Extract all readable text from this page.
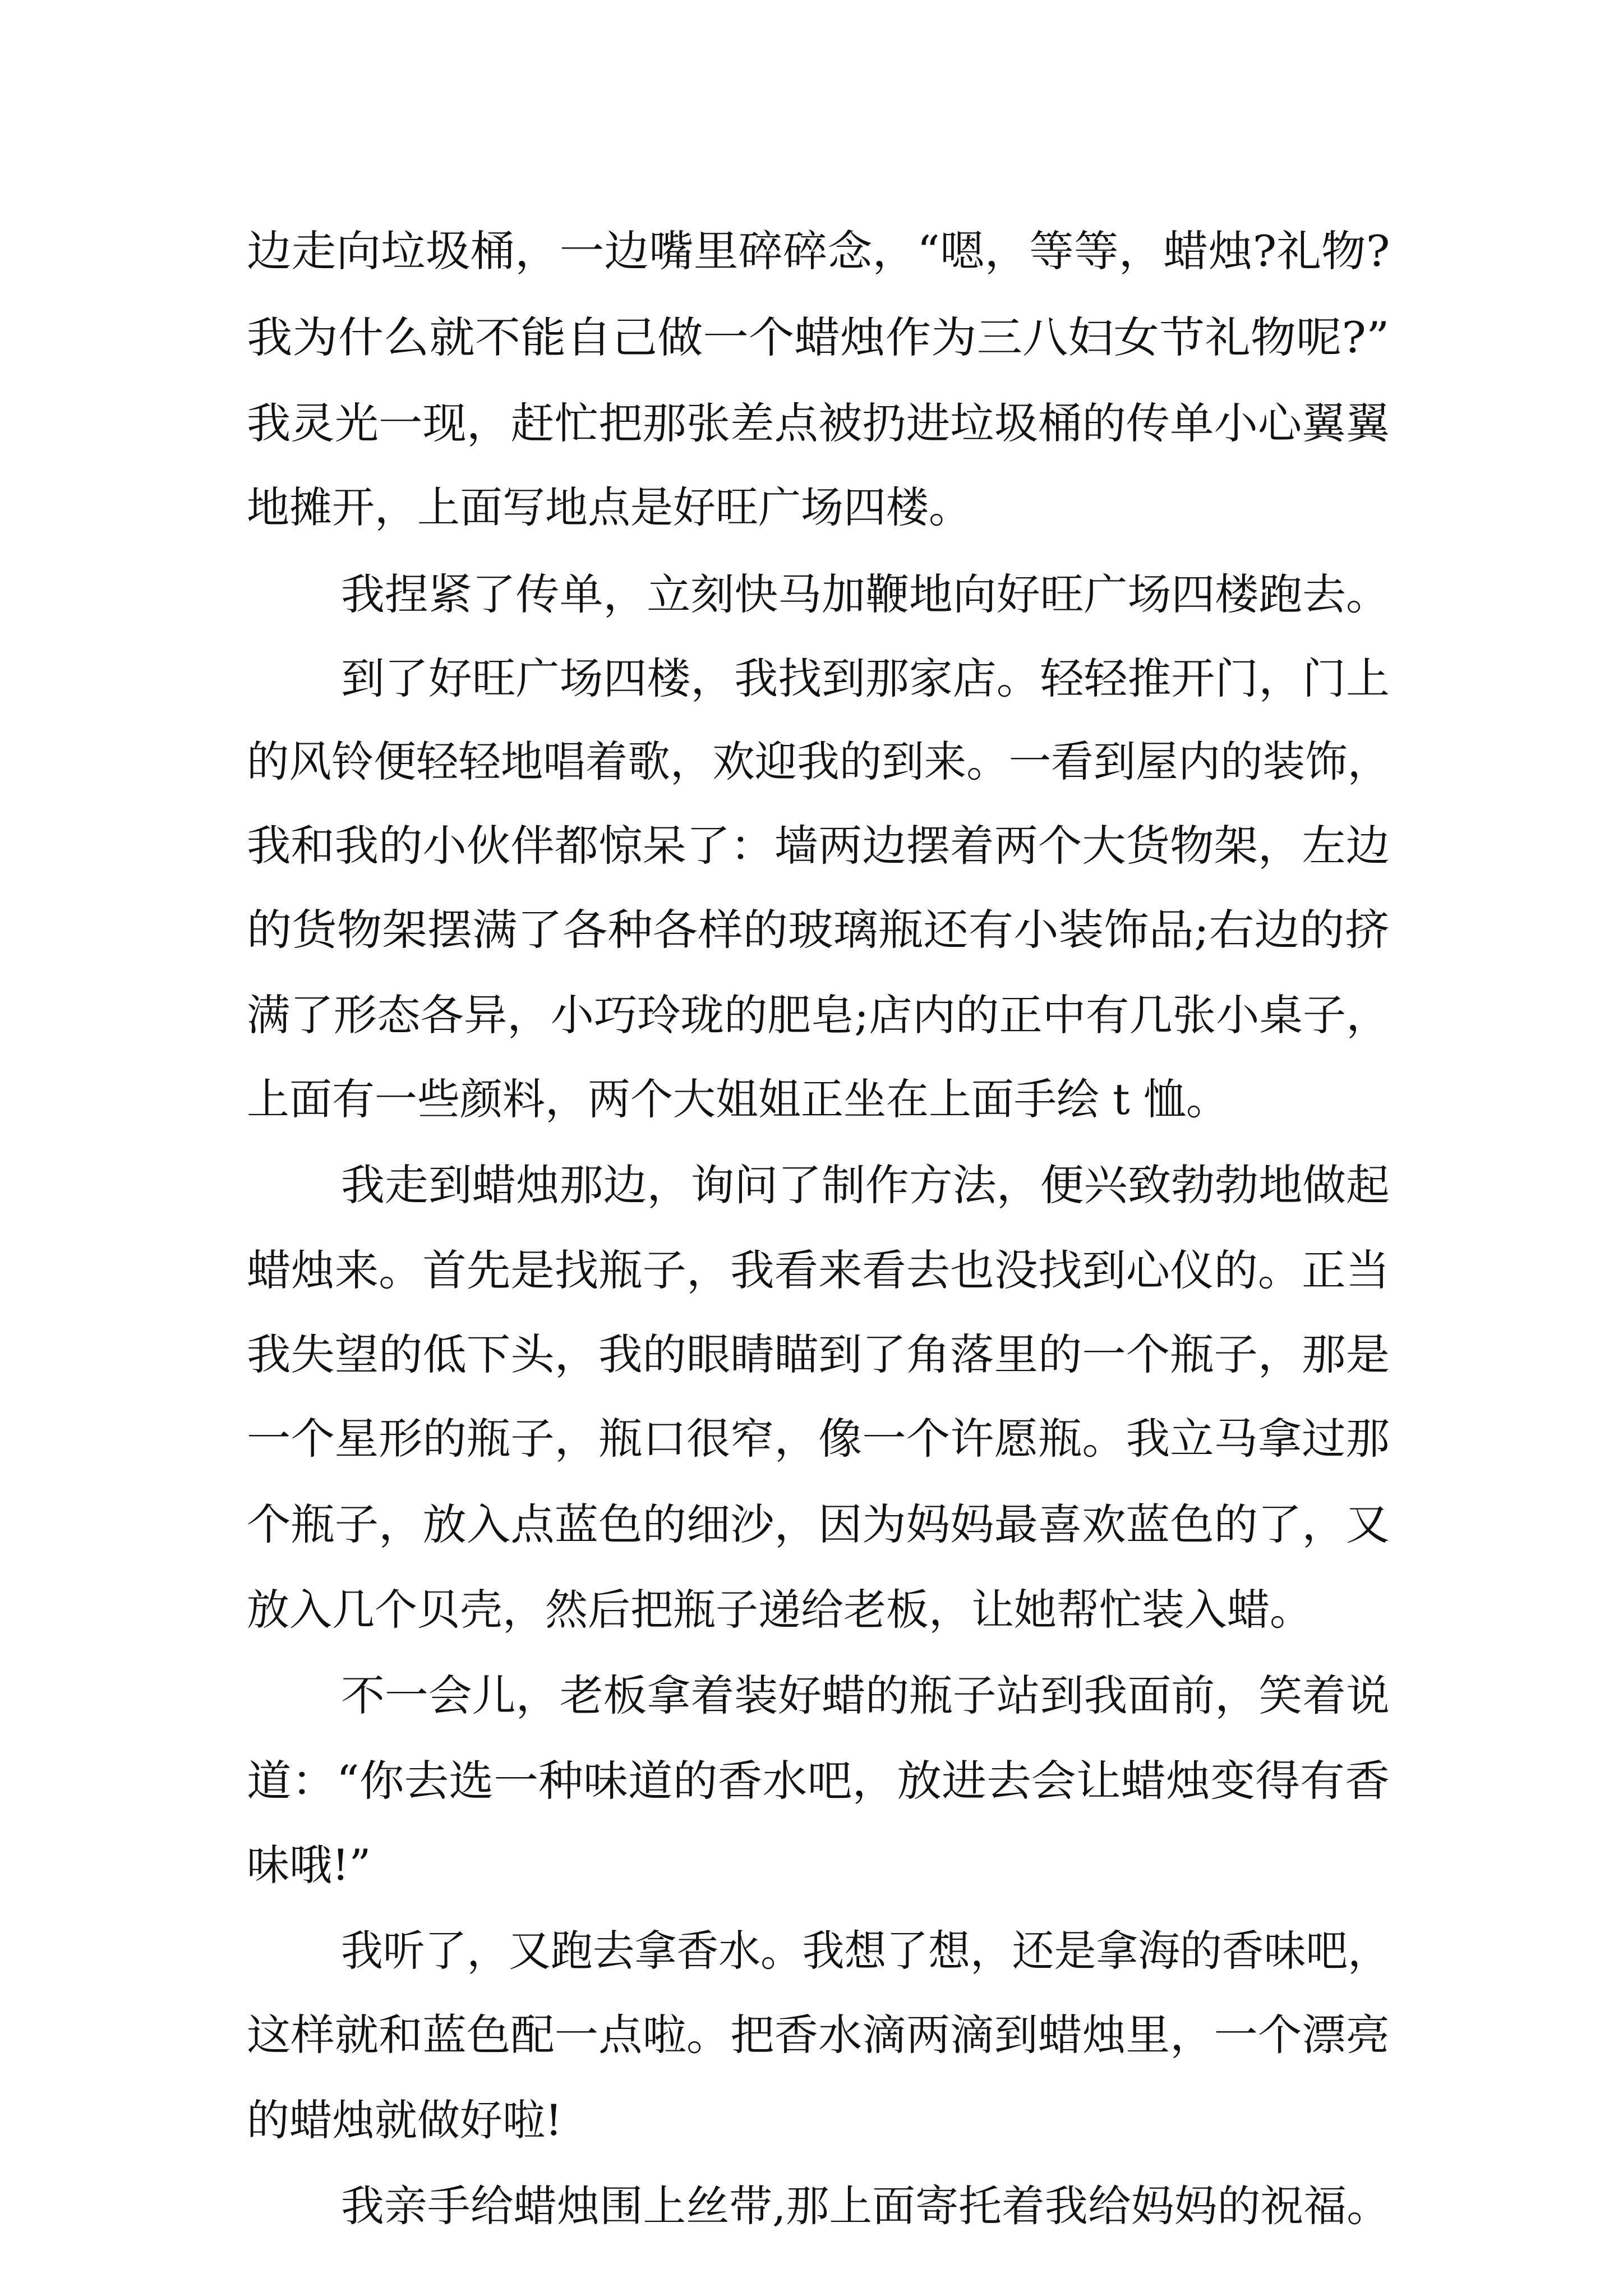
边走向垃圾桶，一边嘴里碎碎念，“嗯，等等，蜡烛?礼物?
我为什么就不能自己做一个蜡烛作为三八妇女节礼物呢?”
我灵光一现，赶忙把那张差点被扔进垃圾桶的传单小心翼翼
地摊开，上面写地点是好旺广场四楼。
我捏紧了传单，立刻快马加鞭地向好旺广场四楼跑去。
到了好旺广场四楼，我找到那家店。轻轻推开门，门上
的风铃便轻轻地唱着歌，欢迎我的到来。一看到屋内的装饰，
我和我的小伙伴都惊呆了：墙两边摆着两个大货物架，左边
的货物架摆满了各种各样的玻璃瓶还有小装饰品;右边的挤
满了形态各异，小巧玲珑的肥皂;店内的正中有几张小桌子，
上面有一些颜料，两个大姐姐正坐在上面手绘 t 恤。
我走到蜡烛那边，询问了制作方法，便兴致勃勃地做起
蜡烛来。首先是找瓶子，我看来看去也没找到心仪的。正当
我失望的低下头，我的眼睛瞄到了角落里的一个瓶子，那是
一个星形的瓶子，瓶口很窄，像一个许愿瓶。我立马拿过那
个瓶子，放入点蓝色的细沙，因为妈妈最喜欢蓝色的了，又
放入几个贝壳，然后把瓶子递给老板，让她帮忙装入蜡。
不一会儿，老板拿着装好蜡的瓶子站到我面前，笑着说
道：“你去选一种味道的香水吧，放进去会让蜡烛变得有香
味哦!”
我听了，又跑去拿香水。我想了想，还是拿海的香味吧，
这样就和蓝色配一点啦。把香水滴两滴到蜡烛里，一个漂亮
的蜡烛就做好啦!
我亲手给蜡烛围上丝带,那上面寄托着我给妈妈的祝福。
